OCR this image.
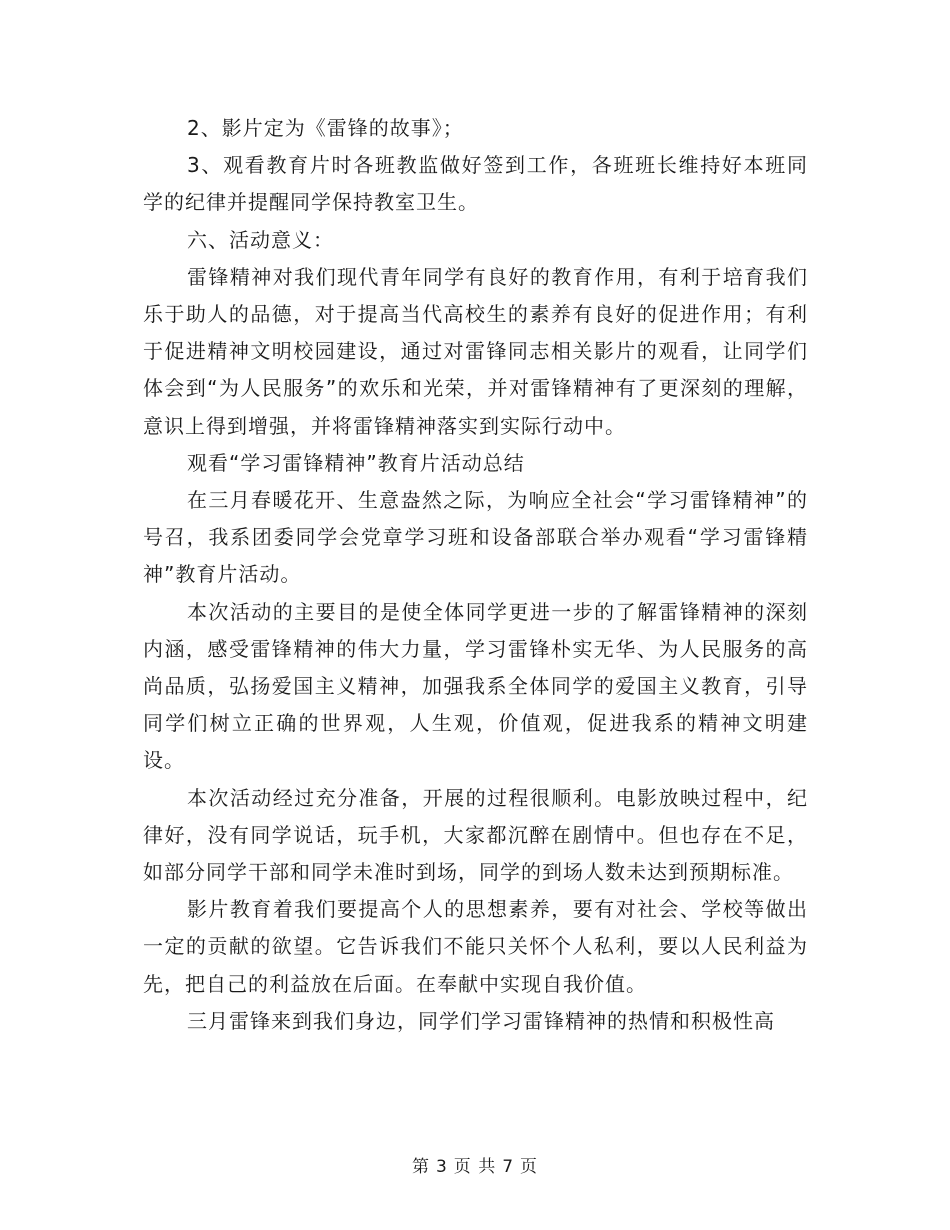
2、影片定为《雷锋的故事》；

3、观看教育片时各班教监做好签到工作，各班班长维持好本班同学的纪律并提醒同学保持教室卫生。

六、活动意义：

雷锋精神对我们现代青年同学有良好的教育作用，有利于培育我们乐于助人的品德，对于提高当代高校生的素养有良好的促进作用；有利于促进精神文明校园建设，通过对雷锋同志相关影片的观看，让同学们体会到“为人民服务”的欢乐和光荣，并对雷锋精神有了更深刻的理解，意识上得到增强，并将雷锋精神落实到实际行动中。

观看“学习雷锋精神”教育片活动总结

在三月春暖花开、生意盎然之际，为响应全社会“学习雷锋精神”的号召，我系团委同学会党章学习班和设备部联合举办观看“学习雷锋精神”教育片活动。

本次活动的主要目的是使全体同学更进一步的了解雷锋精神的深刻内涵，感受雷锋精神的伟大力量，学习雷锋朴实无华、为人民服务的高尚品质，弘扬爱国主义精神，加强我系全体同学的爱国主义教育，引导同学们树立正确的世界观，人生观，价值观，促进我系的精神文明建设。

本次活动经过充分准备，开展的过程很顺利。电影放映过程中，纪律好，没有同学说话，玩手机，大家都沉醉在剧情中。但也存在不足，如部分同学干部和同学未准时到场，同学的到场人数未达到预期标准。

影片教育着我们要提高个人的思想素养，要有对社会、学校等做出一定的贡献的欲望。它告诉我们不能只关怀个人私利，要以人民利益为先，把自己的利益放在后面。在奉献中实现自我价值。

三月雷锋来到我们身边，同学们学习雷锋精神的热情和积极性高

第 3 页 共 7 页
